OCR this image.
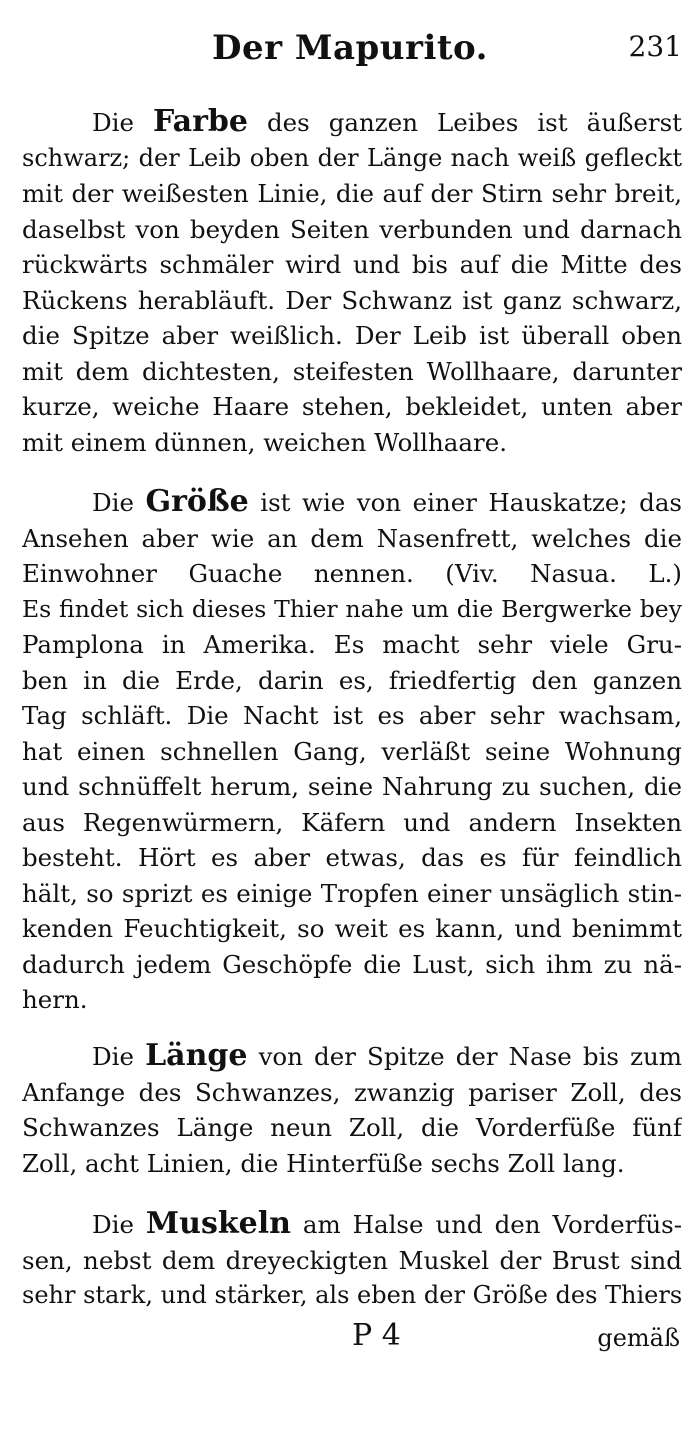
Der Mapurito.	231
Die Farbe des ganzen Leibes ist äußerst
schwarz; der Leib oben der Länge nach weiß gefleckt
mit der weißesten Linie, die auf der Stirn sehr breit,
daselbst von beyden Seiten verbunden und darnach
rückwärts schmäler wird und bis auf die Mitte des
Rückens herabläuft. Der Schwanz ist ganz schwarz,
die Spitze aber weißlich. Der Leib ist überall oben
mit dem dichtesten, steifesten Wollhaare, darunter
kurze, weiche Haare stehen, bekleidet, unten aber
mit einem dünnen, weichen Wollhaare.
Die Größe ist wie von einer Hauskatze; das
Ansehen aber wie an dem Nasenfrett, welches die
Einwohner Guache nennen. (Viv. Nasua. L.)
Es findet sich dieses Thier nahe um die Bergwerke bey
Pamplona in Amerika. Es macht sehr viele Gru-
ben in die Erde, darin es, friedfertig den ganzen
Tag schläft. Die Nacht ist es aber sehr wachsam,
hat einen schnellen Gang, verläßt seine Wohnung
und schnüffelt herum, seine Nahrung zu suchen, die
aus Regenwürmern, Käfern und andern Insekten
besteht. Hört es aber etwas, das es für feindlich
hält, so sprizt es einige Tropfen einer unsäglich stin-
kenden Feuchtigkeit, so weit es kann, und benimmt
dadurch jedem Geschöpfe die Lust, sich ihm zu nä-
hern.
Die Länge von der Spitze der Nase bis zum
Anfange des Schwanzes, zwanzig pariser Zoll, des
Schwanzes Länge neun Zoll, die Vorderfüße fünf
Zoll, acht Linien, die Hinterfüße sechs Zoll lang.
Die Muskeln am Halse und den Vorderfüs-
sen, nebst dem dreyeckigten Muskel der Brust sind
sehr stark, und stärker, als eben der Größe des Thiers
P 4	gemäß
